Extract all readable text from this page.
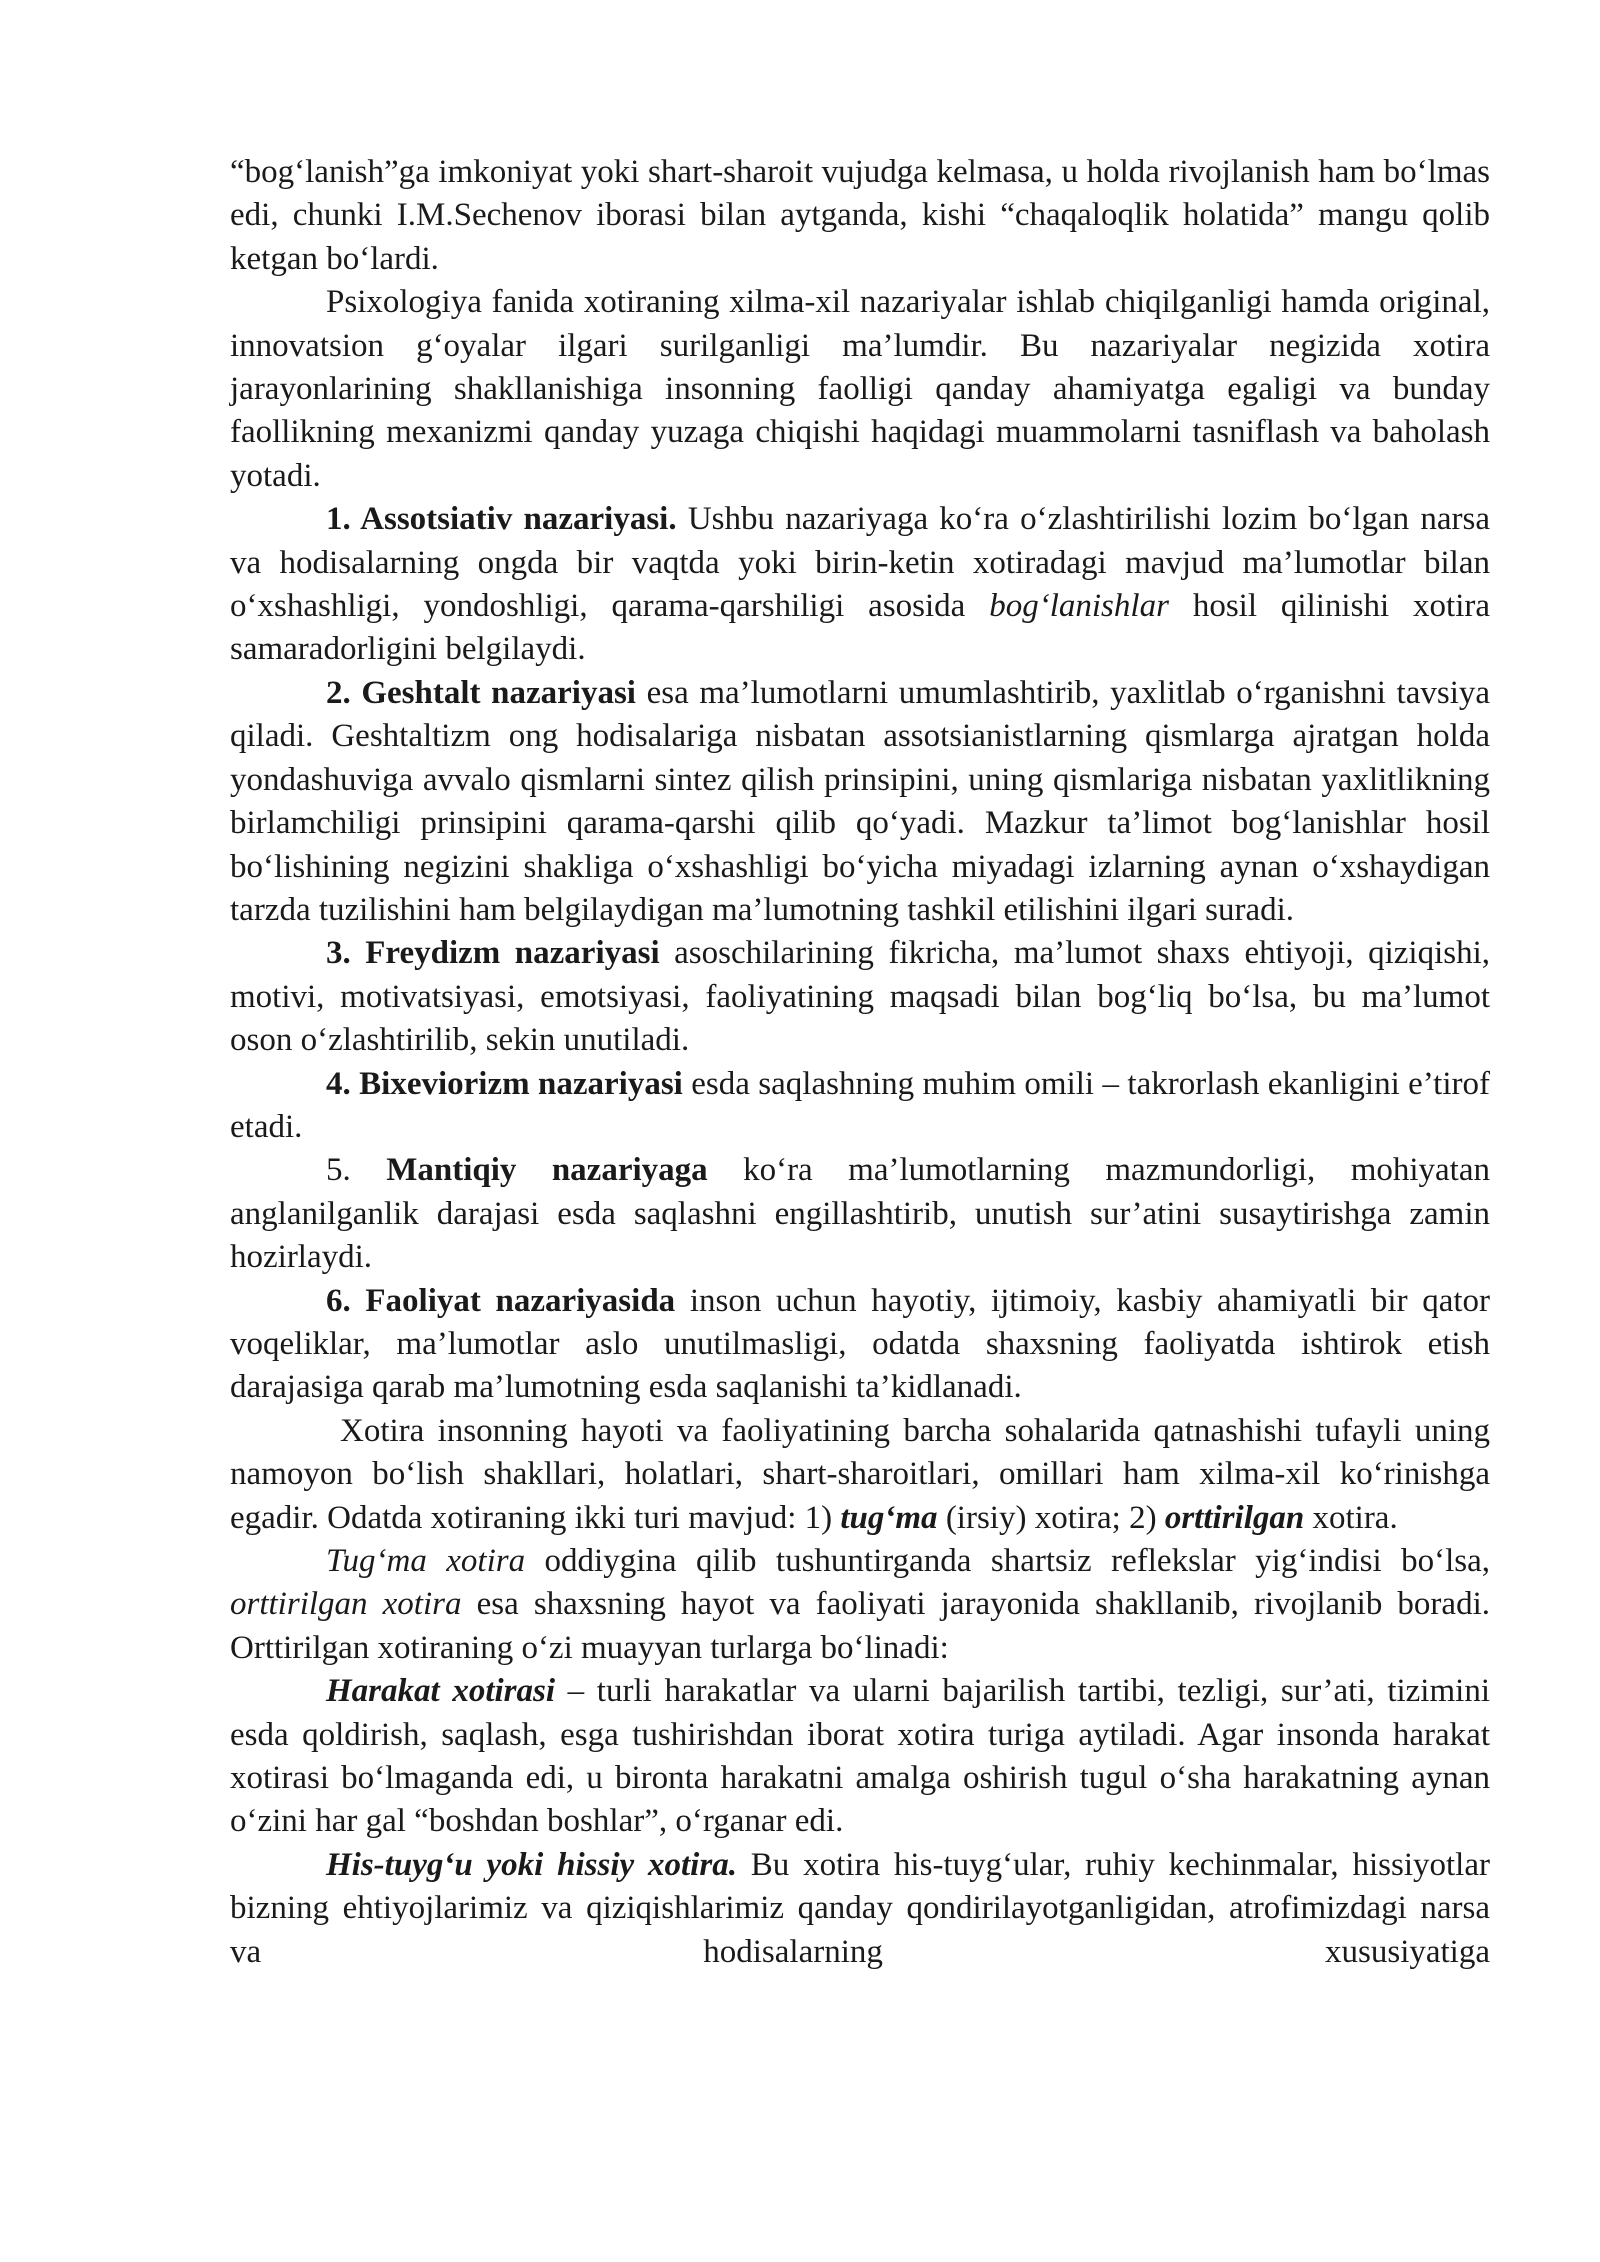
“bog‘lanish”ga imkoniyat yoki shart-sharoit vujudga kelmasa, u holda rivojlanish ham bo‘lmas edi, chunki I.M.Sechenov iborasi bilan aytganda, kishi “chaqaloqlik holatida” mangu qolib ketgan bo‘lardi.

Psixologiya fanida xotiraning xilma-xil nazariyalar ishlab chiqilganligi hamda original, innovatsion g‘oyalar ilgari surilganligi ma’lumdir. Bu nazariyalar negizida xotira jarayonlarining shakllanishiga insonning faolligi qanday ahamiyatga egaligi va bunday faollikning mexanizmi qanday yuzaga chiqishi haqidagi muammolarni tasniflash va baholash yotadi.

1. Assotsiativ nazariyasi. Ushbu nazariyaga ko‘ra o‘zlashtirilishi lozim bo‘lgan narsa va hodisalarning ongda bir vaqtda yoki birin-ketin xotiradagi mavjud ma’lumotlar bilan o‘xshashligi, yondoshligi, qarama-qarshiligi asosida bog‘lanishlar hosil qilinishi xotira samaradorligini belgilaydi.

2. Geshtalt nazariyasi esa ma’lumotlarni umumlashtirib, yaxlitlab o‘rganishni tavsiya qiladi. Geshtaltizm ong hodisalariga nisbatan assotsianistlarning qismlarga ajratgan holda yondashuviga avvalo qismlarni sintez qilish prinsipini, uning qismlariga nisbatan yaxlitlikning birlamchiligi prinsipini qarama-qarshi qilib qo‘yadi. Mazkur ta’limot bog‘lanishlar hosil bo‘lishining negizini shakliga o‘xshashligi bo‘yicha miyadagi izlarning aynan o‘xshaydigan tarzda tuzilishini ham belgilaydigan ma’lumotning tashkil etilishini ilgari suradi.

3. Freydizm nazariyasi asoschilarining fikricha, ma’lumot shaxs ehtiyoji, qiziqishi, motivi, motivatsiyasi, emotsiyasi, faoliyatining maqsadi bilan bog‘liq bo‘lsa, bu ma’lumot oson o‘zlashtirilib, sekin unutiladi.

4. Bixeviorizm nazariyasi esda saqlashning muhim omili – takrorlash ekanligini e’tirof etadi.

5. Mantiqiy nazariyaga ko‘ra ma’lumotlarning mazmundorligi, mohiyatan anglanilganlik darajasi esda saqlashni engillashtirib, unutish sur’atini susaytirishga zamin hozirlaydi.

6. Faoliyat nazariyasida inson uchun hayotiy, ijtimoiy, kasbiy ahamiyatli bir qator voqeliklar, ma’lumotlar aslo unutilmasligi, odatda shaxsning faoliyatda ishtirok etish darajasiga qarab ma’lumotning esda saqlanishi ta’kidlanadi.

Xotira insonning hayoti va faoliyatining barcha sohalarida qatnashishi tufayli uning namoyon bo‘lish shakllari, holatlari, shart-sharoitlari, omillari ham xilma-xil ko‘rinishga egadir. Odatda xotiraning ikki turi mavjud: 1) tug‘ma (irsiy) xotira; 2) orttirilgan xotira.

Tug‘ma xotira oddiygina qilib tushuntirganda shartsiz reflekslar yig‘indisi bo‘lsa, orttirilgan xotira esa shaxsning hayot va faoliyati jarayonida shakllanib, rivojlanib boradi. Orttirilgan xotiraning o‘zi muayyan turlarga bo‘linadi:

Harakat xotirasi – turli harakatlar va ularni bajarilish tartibi, tezligi, sur’ati, tizimini esda qoldirish, saqlash, esga tushirishdan iborat xotira turiga aytiladi. Agar insonda harakat xotirasi bo‘lmaganda edi, u bironta harakatni amalga oshirish tugul o‘sha harakatning aynan o‘zini har gal “boshdan boshlar”, o‘rganar edi.

His-tuyg‘u yoki hissiy xotira. Bu xotira his-tuyg‘ular, ruhiy kechinmalar, hissiyotlar bizning ehtiyojlarimiz va qiziqishlarimiz qanday qondirilayotganligidan, atrofimizdagi narsa va hodisalarning xususiyatiga
